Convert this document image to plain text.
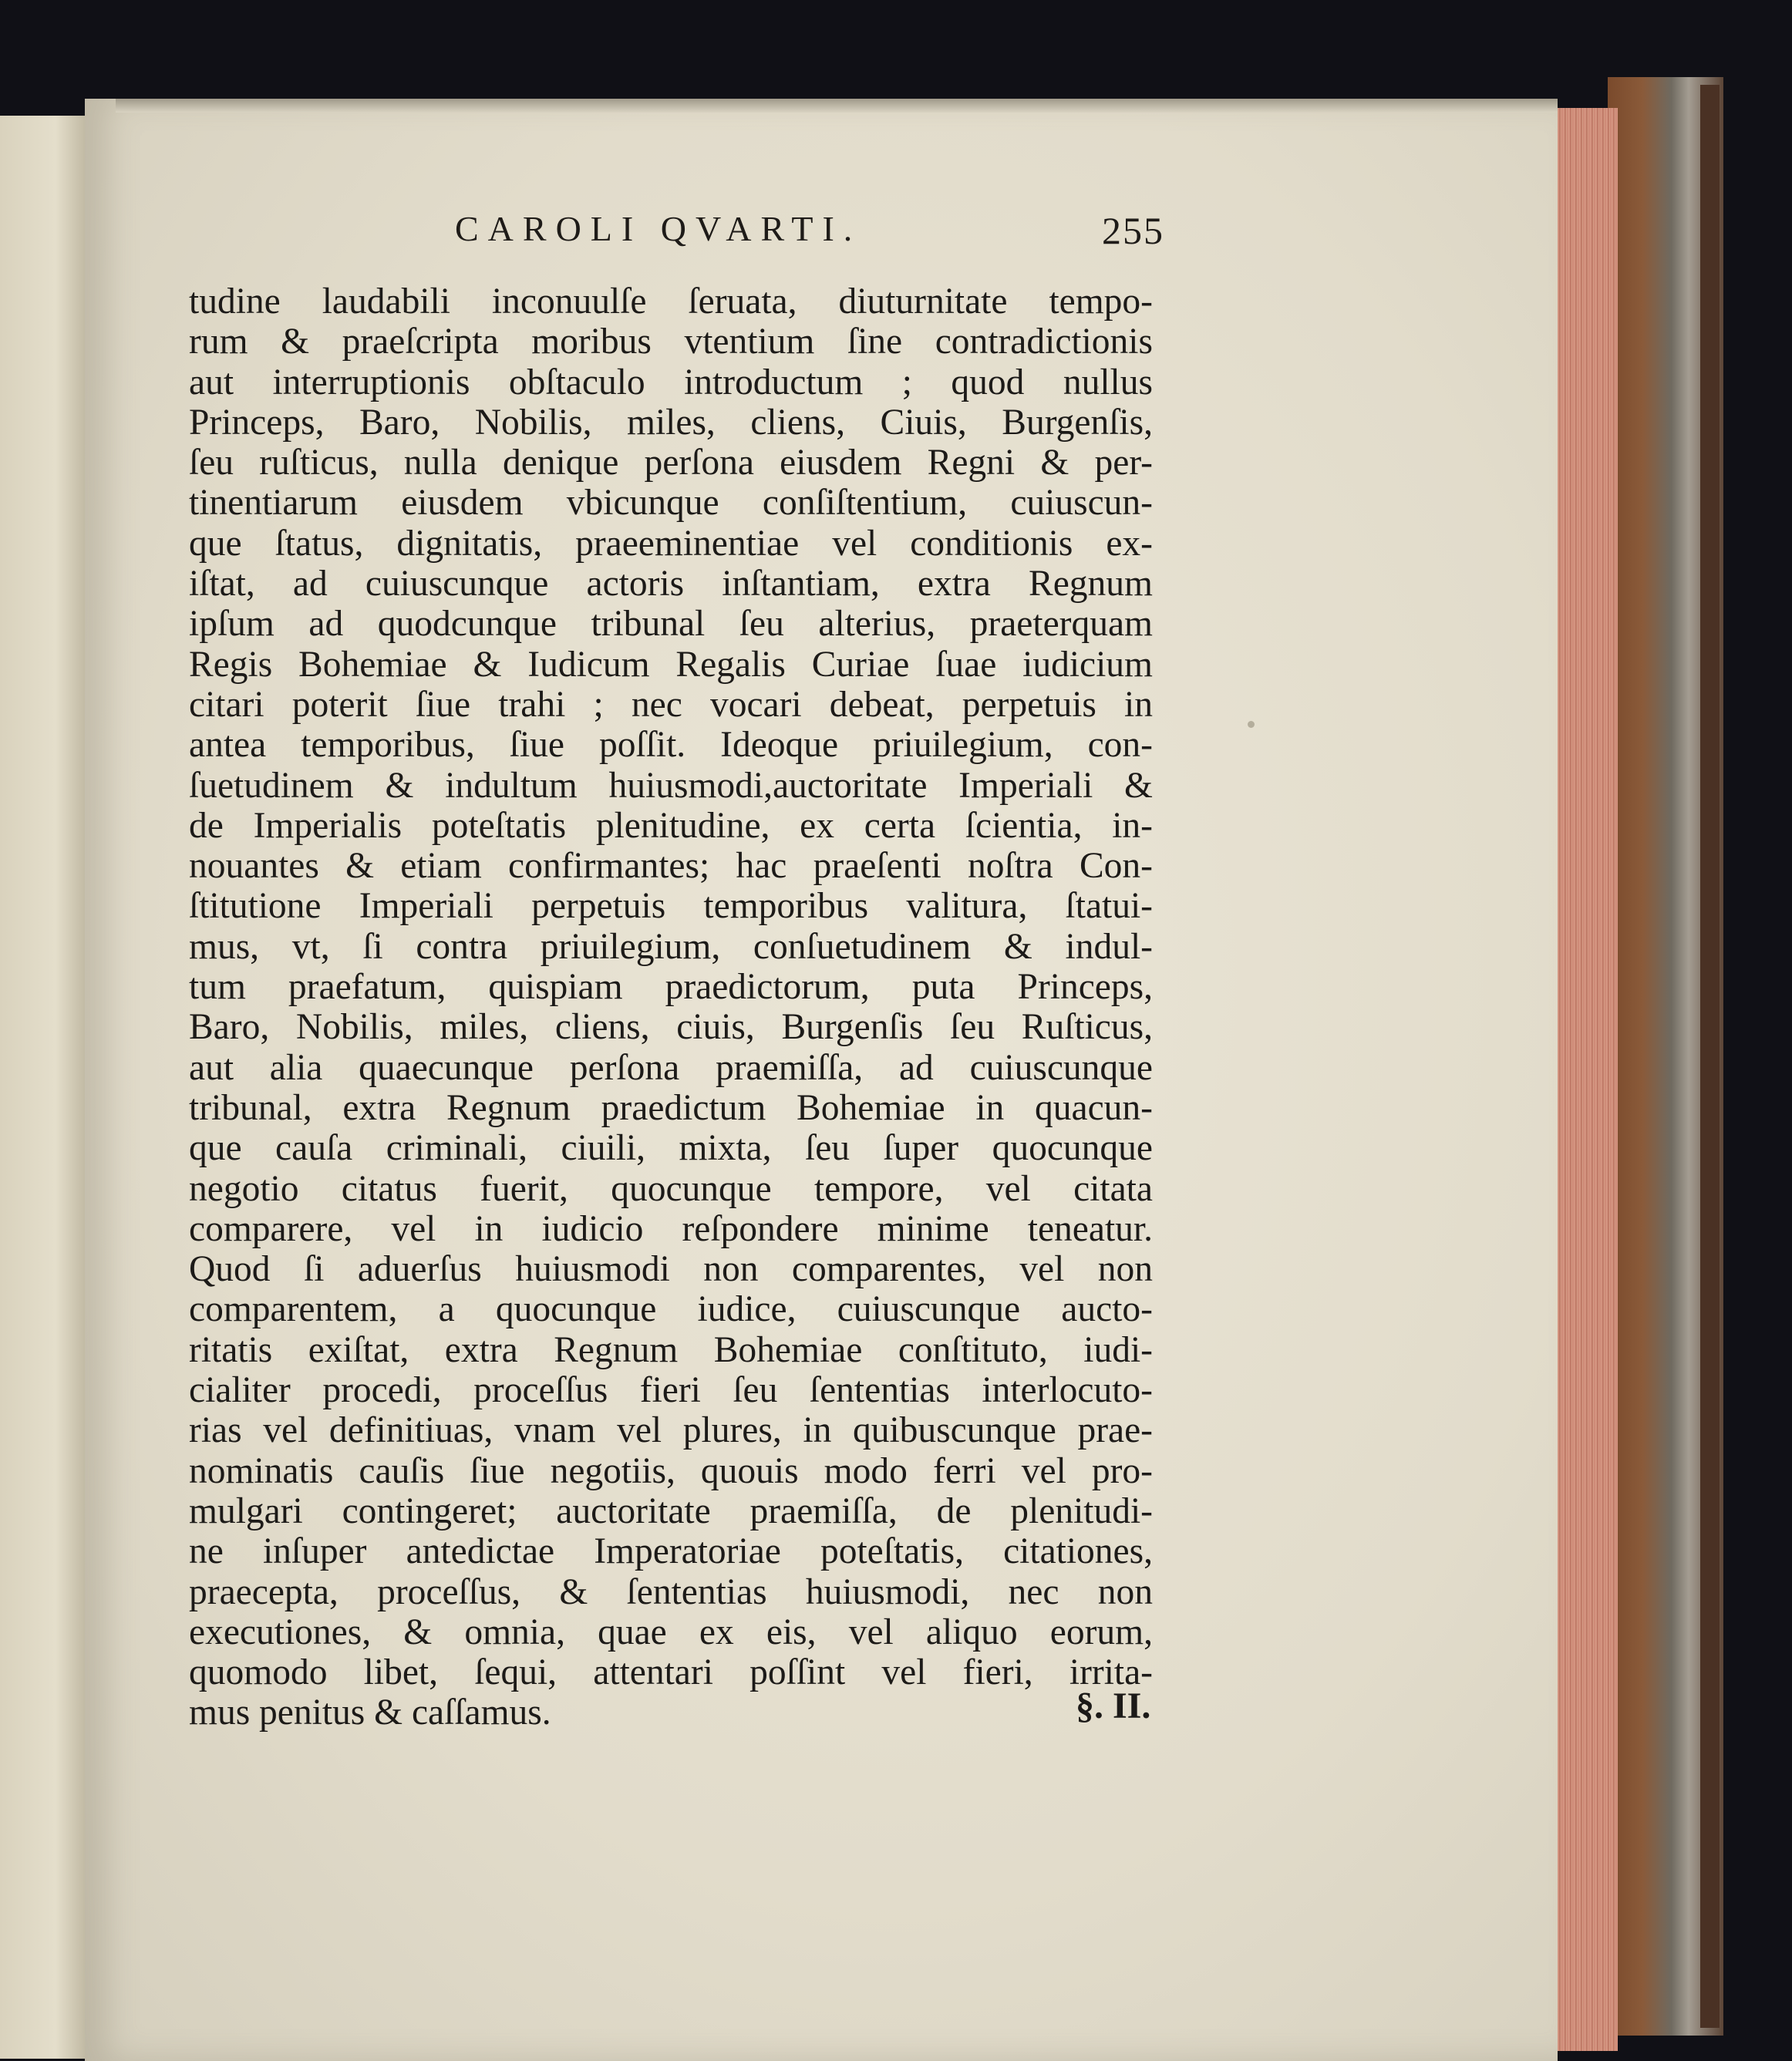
CAROLI QVARTI.	255
tudine laudabili inconuulſe ſeruata, diuturnitate tempo-
rum & praeſcripta moribus vtentium ſine contradictionis
aut interruptionis obſtaculo introductum ; quod nullus
Princeps, Baro, Nobilis, miles, cliens, Ciuis, Burgenſis,
ſeu ruſticus, nulla denique perſona eiusdem Regni & per-
tinentiarum eiusdem vbicunque conſiſtentium, cuiuscun-
que ſtatus, dignitatis, praeeminentiae vel conditionis ex-
iſtat, ad cuiuscunque actoris inſtantiam, extra Regnum
ipſum ad quodcunque tribunal ſeu alterius, praeterquam
Regis Bohemiae & Iudicum Regalis Curiae ſuae iudicium
citari poterit ſiue trahi ; nec vocari debeat, perpetuis in
antea temporibus, ſiue poſſit. Ideoque priuilegium, con-
ſuetudinem & indultum huiusmodi,auctoritate Imperiali &
de Imperialis poteſtatis plenitudine, ex certa ſcientia, in-
nouantes & etiam confirmantes; hac praeſenti noſtra Con-
ſtitutione Imperiali perpetuis temporibus valitura, ſtatui-
mus, vt, ſi contra priuilegium, conſuetudinem & indul-
tum praefatum, quispiam praedictorum, puta Princeps,
Baro, Nobilis, miles, cliens, ciuis, Burgenſis ſeu Ruſticus,
aut alia quaecunque perſona praemiſſa, ad cuiuscunque
tribunal, extra Regnum praedictum Bohemiae in quacun-
que cauſa criminali, ciuili, mixta, ſeu ſuper quocunque
negotio citatus fuerit, quocunque tempore, vel citata
comparere, vel in iudicio reſpondere minime teneatur.
Quod ſi aduerſus huiusmodi non comparentes, vel non
comparentem, a quocunque iudice, cuiuscunque aucto-
ritatis exiſtat, extra Regnum Bohemiae conſtituto, iudi-
cialiter procedi, proceſſus fieri ſeu ſententias interlocuto-
rias vel definitiuas, vnam vel plures, in quibuscunque prae-
nominatis cauſis ſiue negotiis, quouis modo ferri vel pro-
mulgari contingeret; auctoritate praemiſſa, de plenitudi-
ne inſuper antedictae Imperatoriae poteſtatis, citationes,
praecepta, proceſſus, & ſententias huiusmodi, nec non
executiones, & omnia, quae ex eis, vel aliquo eorum,
quomodo libet, ſequi, attentari poſſint vel fieri, irrita-
mus penitus & caſſamus.	§. II.
